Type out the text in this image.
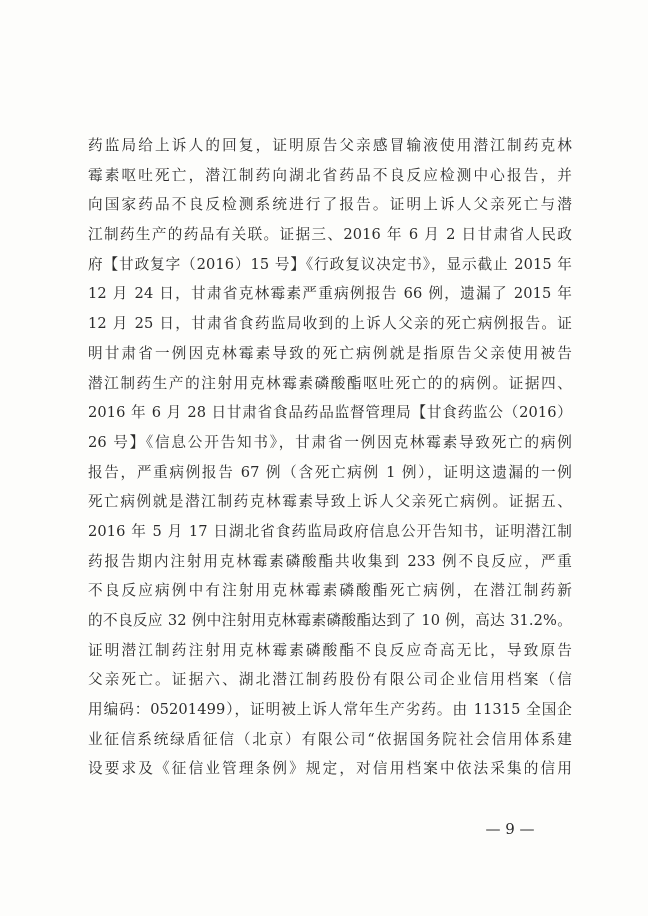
药监局给上诉人的回复，证明原告父亲感冒输液使用潜江制药克林
霉素呕吐死亡，潜江制药向湖北省药品不良反应检测中心报告，并
向国家药品不良反检测系统进行了报告。证明上诉人父亲死亡与潜
江制药生产的药品有关联。证据三、2016 年 6 月 2 日甘肃省人民政
府【甘政复字（2016）15 号】《行政复议决定书》，显示截止 2015 年
12 月 24 日，甘肃省克林霉素严重病例报告 66 例，遗漏了 2015 年
12 月 25 日，甘肃省食药监局收到的上诉人父亲的死亡病例报告。证
明甘肃省一例因克林霉素导致的死亡病例就是指原告父亲使用被告
潜江制药生产的注射用克林霉素磷酸酯呕吐死亡的的病例。证据四、
2016 年 6 月 28 日甘肃省食品药品监督管理局【甘食药监公（2016）
26 号】《信息公开告知书》，甘肃省一例因克林霉素导致死亡的病例
报告，严重病例报告 67 例（含死亡病例 1 例），证明这遗漏的一例
死亡病例就是潜江制药克林霉素导致上诉人父亲死亡病例。证据五、
2016 年 5 月 17 日湖北省食药监局政府信息公开告知书，证明潜江制
药报告期内注射用克林霉素磷酸酯共收集到 233 例不良反应，严重
不良反应病例中有注射用克林霉素磷酸酯死亡病例，在潜江制药新
的不良反应 32 例中注射用克林霉素磷酸酯达到了 10 例，高达 31.2%。
证明潜江制药注射用克林霉素磷酸酯不良反应奇高无比，导致原告
父亲死亡。证据六、湖北潜江制药股份有限公司企业信用档案（信
用编码：05201499），证明被上诉人常年生产劣药。由 11315 全国企
业征信系统绿盾征信（北京）有限公司“依据国务院社会信用体系建
设要求及《征信业管理条例》规定，对信用档案中依法采集的信用
— 9 —
